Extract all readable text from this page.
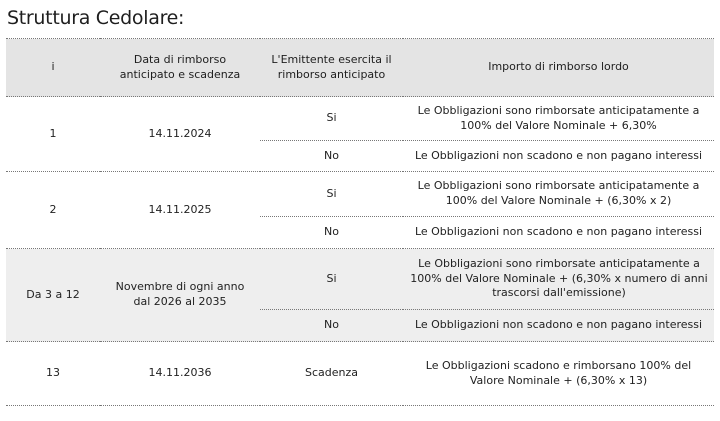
Struttura Cedolare:
i	Data di rimborso anticipato e scadenza	L'Emittente esercita il rimborso anticipato	Importo di rimborso lordo
1	14.11.2024	Si	Le Obbligazioni sono rimborsate anticipatamente a 100% del Valore Nominale + 6,30%

		No	Le Obbligazioni non scadono e non pagano interessi
2	14.11.2025	Si	Le Obbligazioni sono rimborsate anticipatamente a 100% del Valore Nominale + (6,30% x 2)

		No	Le Obbligazioni non scadono e non pagano interessi
Da 3 a 12	Novembre di ogni anno dal 2026 al 2035	Si	Le Obbligazioni sono rimborsate anticipatamente a 100% del Valore Nominale + (6,30% x numero di anni trascorsi dall'emissione)

		No	Le Obbligazioni non scadono e non pagano interessi
13	14.11.2036	Scadenza	Le Obbligazioni scadono e rimborsano 100% del Valore Nominale + (6,30% x 13)
